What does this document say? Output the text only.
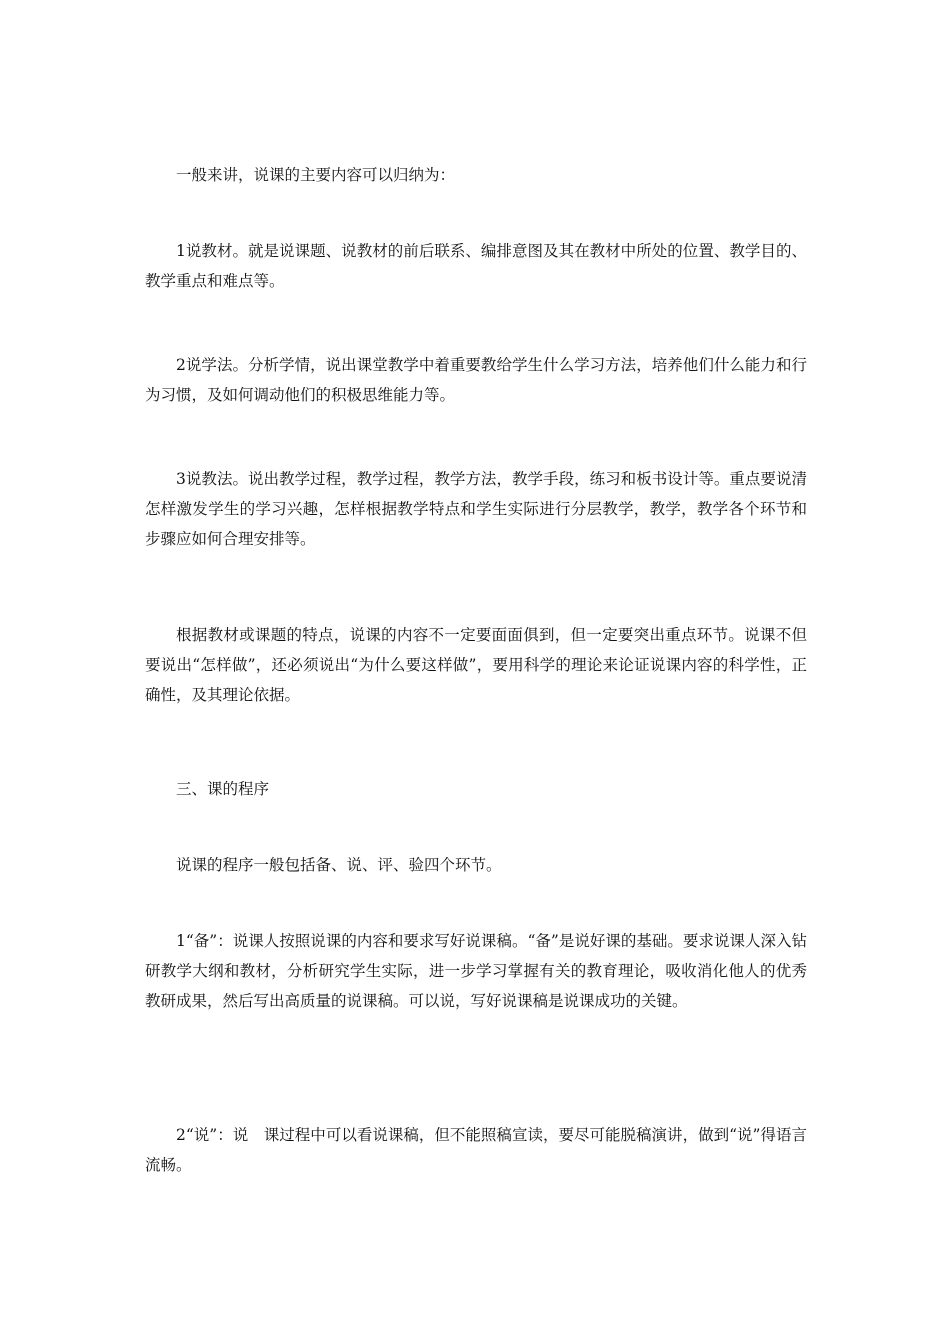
一般来讲，说课的主要内容可以归纳为：

1说教材。就是说课题、说教材的前后联系、编排意图及其在教材中所处的位置、教学目的、教学重点和难点等。

2说学法。分析学情，说出课堂教学中着重要教给学生什么学习方法，培养他们什么能力和行为习惯，及如何调动他们的积极思维能力等。

3说教法。说出教学过程，教学过程，教学方法，教学手段，练习和板书设计等。重点要说清怎样激发学生的学习兴趣，怎样根据教学特点和学生实际进行分层教学，教学，教学各个环节和步骤应如何合理安排等。

根据教材或课题的特点，说课的内容不一定要面面俱到，但一定要突出重点环节。说课不但要说出“怎样做”，还必须说出“为什么要这样做”，要用科学的理论来论证说课内容的科学性，正确性，及其理论依据。

三、课的程序

说课的程序一般包括备、说、评、验四个环节。

1“备”：说课人按照说课的内容和要求写好说课稿。“备”是说好课的基础。要求说课人深入钻研教学大纲和教材，分析研究学生实际，进一步学习掌握有关的教育理论，吸收消化他人的优秀教研成果，然后写出高质量的说课稿。可以说，写好说课稿是说课成功的关键。

2“说”：说　课过程中可以看说课稿，但不能照稿宣读，要尽可能脱稿演讲，做到“说”得语言流畅。
